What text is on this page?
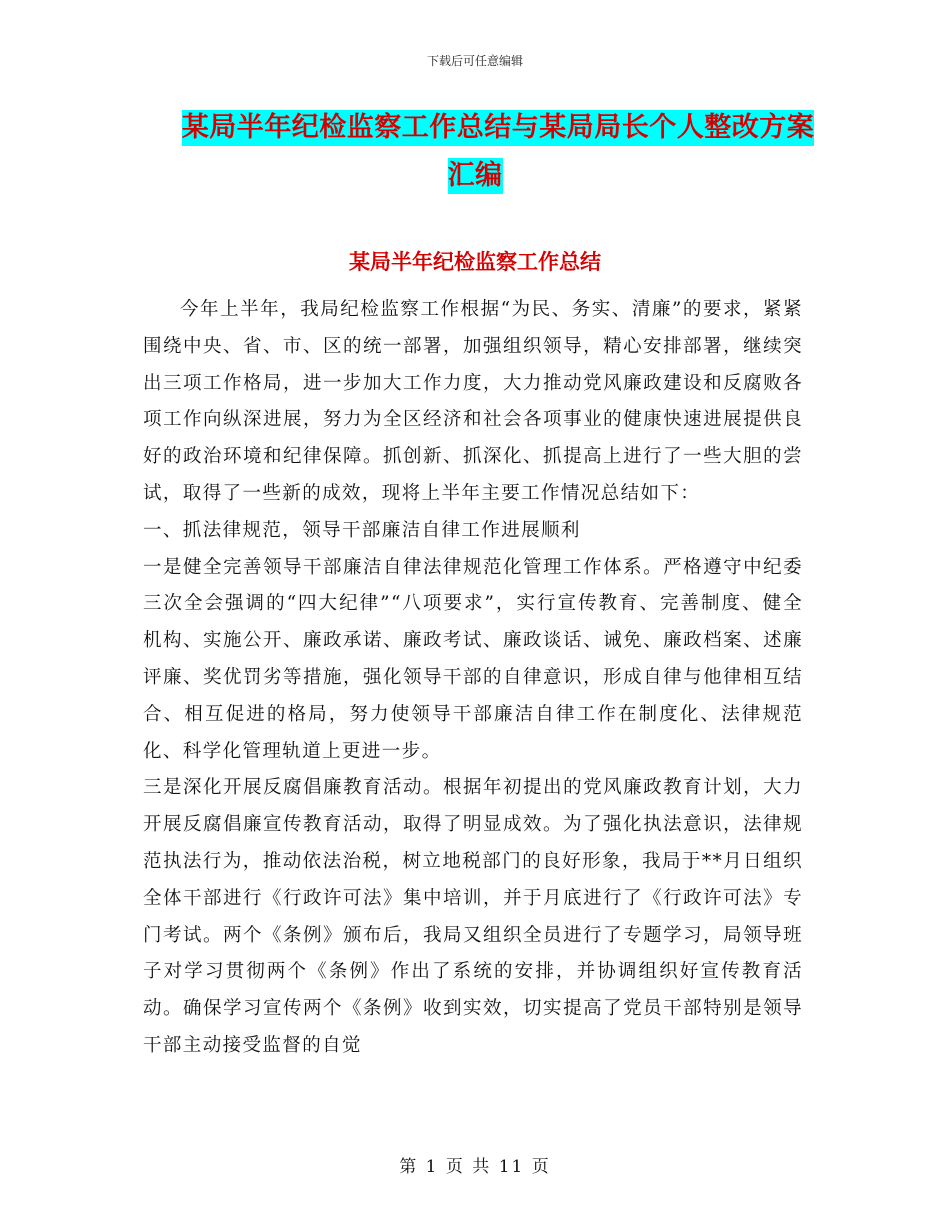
下载后可任意编辑
某局半年纪检监察工作总结与某局局长个人整改方案
汇编
某局半年纪检监察工作总结

今年上半年，我局纪检监察工作根据“为民、务实、清廉”的要求，紧紧围绕中央、省、市、区的统一部署，加强组织领导，精心安排部署，继续突出三项工作格局，进一步加大工作力度，大力推动党风廉政建设和反腐败各项工作向纵深进展，努力为全区经济和社会各项事业的健康快速进展提供良好的政治环境和纪律保障。抓创新、抓深化、抓提高上进行了一些大胆的尝试，取得了一些新的成效，现将上半年主要工作情况总结如下：

一、抓法律规范，领导干部廉洁自律工作进展顺利

一是健全完善领导干部廉洁自律法律规范化管理工作体系。严格遵守中纪委三次全会强调的“四大纪律”“八项要求”，实行宣传教育、完善制度、健全机构、实施公开、廉政承诺、廉政考试、廉政谈话、诫免、廉政档案、述廉评廉、奖优罚劣等措施，强化领导干部的自律意识，形成自律与他律相互结合、相互促进的格局，努力使领导干部廉洁自律工作在制度化、法律规范化、科学化管理轨道上更进一步。

三是深化开展反腐倡廉教育活动。根据年初提出的党风廉政教育计划，大力开展反腐倡廉宣传教育活动，取得了明显成效。为了强化执法意识，法律规范执法行为，推动依法治税，树立地税部门的良好形象，我局于**月日组织全体干部进行《行政许可法》集中培训，并于月底进行了《行政许可法》专门考试。两个《条例》颁布后，我局又组织全员进行了专题学习，局领导班子对学习贯彻两个《条例》作出了系统的安排，并协调组织好宣传教育活动。确保学习宣传两个《条例》收到实效，切实提高了党员干部特别是领导干部主动接受监督的自觉

第 1 页 共 11 页
